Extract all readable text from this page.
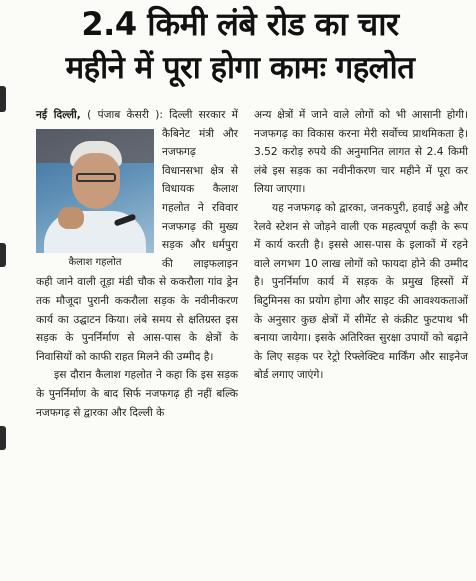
2.4 किमी लंबे रोड का चार
महीने में पूरा होगा कामः गहलोत

नई दिल्ली, ( पंजाब केसरी ):
कैलाश गहलोत
दिल्ली सरकार में कैबिनेट मंत्री और नजफगढ़ विधानसभा क्षेत्र से विधायक कैलाश गहलोत ने रविवार नजफगढ़ की मुख्य सड़क और धर्मपुरा की लाइफलाइन कही जाने वाली तूड़ा मंडी चौक से ककरौला गांव ड्रेन तक मौजूदा पुरानी ककरौला सड़क के नवीनीकरण कार्य का उद्घाटन किया। लंबे समय से क्षतिग्रस्त इस सड़क के पुनर्निर्माण से आस-पास के क्षेत्रों के निवासियों को काफी राहत मिलने की उम्मीद है।

इस दौरान कैलाश गहलोत ने कहा कि इस सड़क के पुनर्निर्माण के बाद सिर्फ नजफगढ़ ही नहीं बल्कि नजफगढ़ से द्वारका और दिल्ली के

अन्य क्षेत्रों में जाने वाले लोगों को भी आसानी होगी। नजफगढ़ का विकास करना मेरी सर्वोच्च प्राथमिकता है। 3.52 करोड़ रुपये की अनुमानित लागत से 2.4 किमी लंबे इस सड़क का नवीनीकरण चार महीने में पूरा कर लिया जाएगा।

यह नजफगढ़ को द्वारका, जनकपुरी, हवाई अड्डे और रेलवे स्टेशन से जोड़ने वाली एक महत्वपूर्ण कड़ी के रूप में कार्य करती है। इससे आस-पास के इलाकों में रहने वाले लगभग 10 लाख लोगों को फायदा होने की उम्मीद है। पुनर्निर्माण कार्य में सड़क के प्रमुख हिस्सों में बिटुमिनस का प्रयोग होगा और साइट की आवश्यकताओं के अनुसार कुछ क्षेत्रों में सीमेंट से कंक्रीट फुटपाथ भी बनाया जायेगा। इसके अतिरिक्त सुरक्षा उपायों को बढ़ाने के लिए सड़क पर रेट्रो रिफ्लेक्टिव मार्किंग और साइनेज बोर्ड लगाए जाएंगे।
